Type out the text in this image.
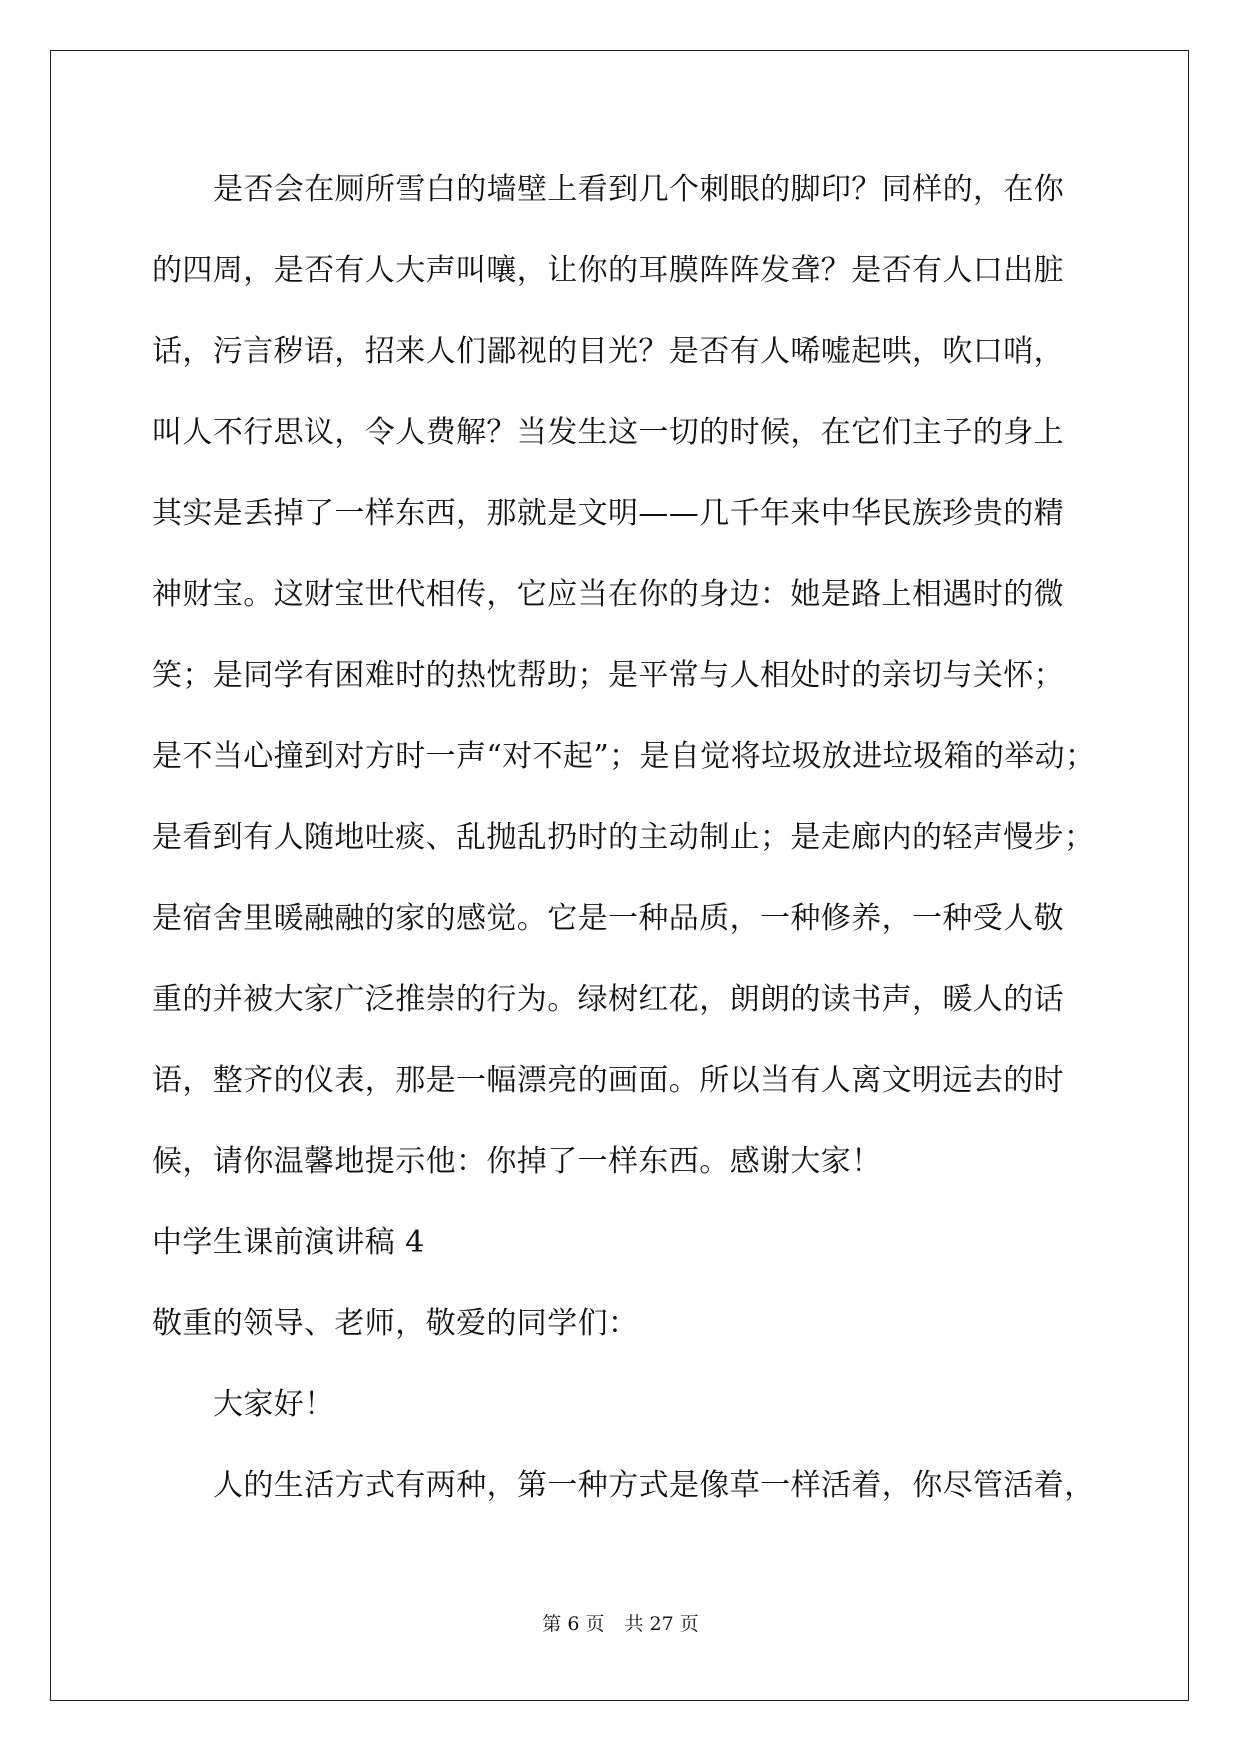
是否会在厕所雪白的墙壁上看到几个刺眼的脚印？同样的，在你

的四周，是否有人大声叫嚷，让你的耳膜阵阵发聋？是否有人口出脏

话，污言秽语，招来人们鄙视的目光？是否有人唏嘘起哄，吹口哨，

叫人不行思议，令人费解？当发生这一切的时候，在它们主子的身上

其实是丢掉了一样东西，那就是文明——几千年来中华民族珍贵的精

神财宝。这财宝世代相传，它应当在你的身边：她是路上相遇时的微

笑；是同学有困难时的热忱帮助；是平常与人相处时的亲切与关怀；

是不当心撞到对方时一声“对不起”；是自觉将垃圾放进垃圾箱的举动；

是看到有人随地吐痰、乱抛乱扔时的主动制止；是走廊内的轻声慢步；

是宿舍里暖融融的家的感觉。它是一种品质，一种修养，一种受人敬

重的并被大家广泛推崇的行为。绿树红花，朗朗的读书声，暖人的话

语，整齐的仪表，那是一幅漂亮的画面。所以当有人离文明远去的时

候，请你温馨地提示他：你掉了一样东西。感谢大家！

中学生课前演讲稿 4

敬重的领导、老师，敬爱的同学们：

大家好！

人的生活方式有两种，第一种方式是像草一样活着，你尽管活着，

第 6 页 共 27 页
